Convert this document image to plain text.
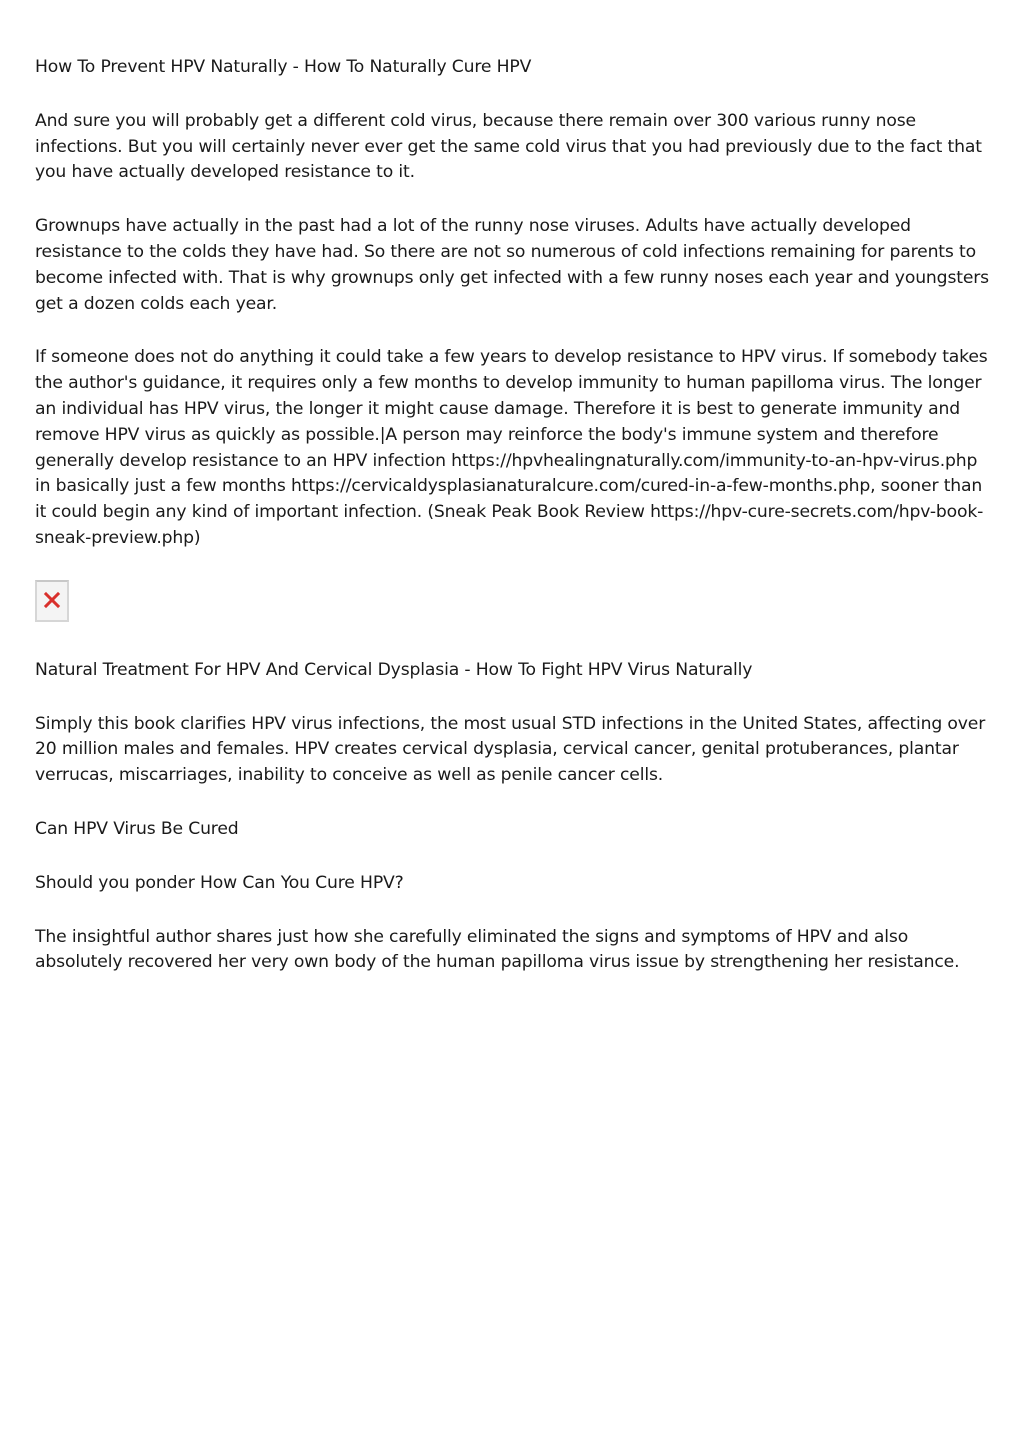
How To Prevent HPV Naturally - How To Naturally Cure HPV

And sure you will probably get a different cold virus, because there remain over 300 various runny nose infections. But you will certainly never ever get the same cold virus that you had previously due to the fact that you have actually developed resistance to it.

Grownups have actually in the past had a lot of the runny nose viruses. Adults have actually developed resistance to the colds they have had. So there are not so numerous of cold infections remaining for parents to become infected with. That is why grownups only get infected with a few runny noses each year and youngsters get a dozen colds each year.

If someone does not do anything it could take a few years to develop resistance to HPV virus. If somebody takes the author's guidance, it requires only a few months to develop immunity to human papilloma virus. The longer an individual has HPV virus, the longer it might cause damage. Therefore it is best to generate immunity and remove HPV virus as quickly as possible.|A person may reinforce the body's immune system and therefore generally develop resistance to an HPV infection https://hpvhealingnaturally.com/immunity-to-an-hpv-virus.php in basically just a few months https://cervicaldysplasianaturalcure.com/cured-in-a-few-months.php, sooner than it could begin any kind of important infection. (Sneak Peak Book Review https://hpv-cure-secrets.com/hpv-book-sneak-preview.php)

Natural Treatment For HPV And Cervical Dysplasia - How To Fight HPV Virus Naturally

Simply this book clarifies HPV virus infections, the most usual STD infections in the United States, affecting over 20 million males and females. HPV creates cervical dysplasia, cervical cancer, genital protuberances, plantar verrucas, miscarriages, inability to conceive as well as penile cancer cells.

Can HPV Virus Be Cured

Should you ponder How Can You Cure HPV?

The insightful author shares just how she carefully eliminated the signs and symptoms of HPV and also absolutely recovered her very own body of the human papilloma virus issue by strengthening her resistance.
